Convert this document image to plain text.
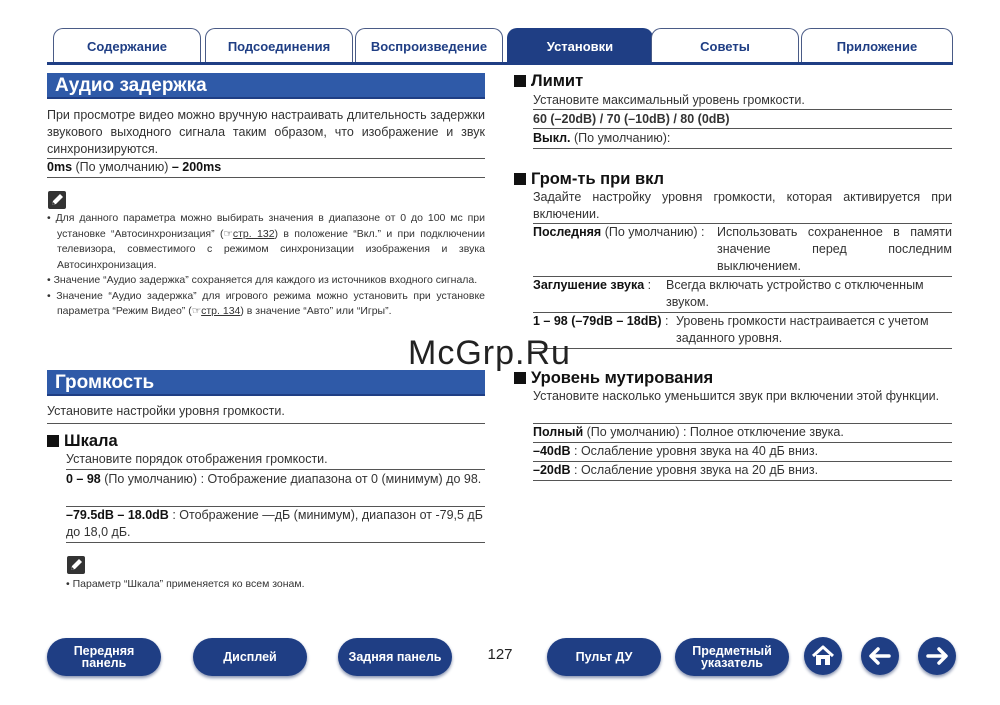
Содержание	Подсоединения	Воспроизведение	Установки	Советы	Приложение
Аудио задержка
При просмотре видео можно вручную настраивать длительность задержки звукового выходного сигнала таким образом, что изображение и звук синхронизируются.
0ms (По умолчанию) – 200ms
• Для данного параметра можно выбирать значения в диапазоне от 0 до 100 мс при установке “Автосинхронизация” (☞стр. 132) в положение “Вкл.” и при подключении телевизора, совместимого с режимом синхронизации изображения и звука Автосинхронизация.
• Значение “Аудио задержка” сохраняется для каждого из источников входного сигнала.
• Значение “Аудио задержка” для игрового режима можно установить при установке параметра “Режим Видео” (☞стр. 134) в значение “Авто” или “Игры”.
Громкость
Установите настройки уровня громкости.
Шкала
Установите порядок отображения громкости.
0 – 98 (По умолчанию) : Отображение диапазона от 0 (минимум) до 98.
–79.5dB – 18.0dB : Отображение —дБ (минимум), диапазон от -79,5 дБ до 18,0 дБ.
• Параметр “Шкала” применяется ко всем зонам.
Лимит
Установите максимальный уровень громкости.
60 (–20dB) / 70 (–10dB) / 80 (0dB)
Выкл. (По умолчанию):
Гром-ть при вкл
Задайте настройку уровня громкости, которая активируется при включении.
Последняя (По умолчанию) : Использовать сохраненное в памяти значение перед последним выключением.
Заглушение звука : Всегда включать устройство с отключенным звуком.
1 – 98 (–79dB – 18dB) : Уровень громкости настраивается с учетом заданного уровня.
Уровень мутирования
Установите насколько уменьшится звук при включении этой функции.
Полный (По умолчанию) : Полное отключение звука.
–40dB : Ослабление уровня звука на 40 дБ вниз.
–20dB : Ослабление уровня звука на 20 дБ вниз.
McGrp.Ru
Передняя
панель	Дисплей	Задняя панель	127	Пульт ДУ	Предметный
указатель
